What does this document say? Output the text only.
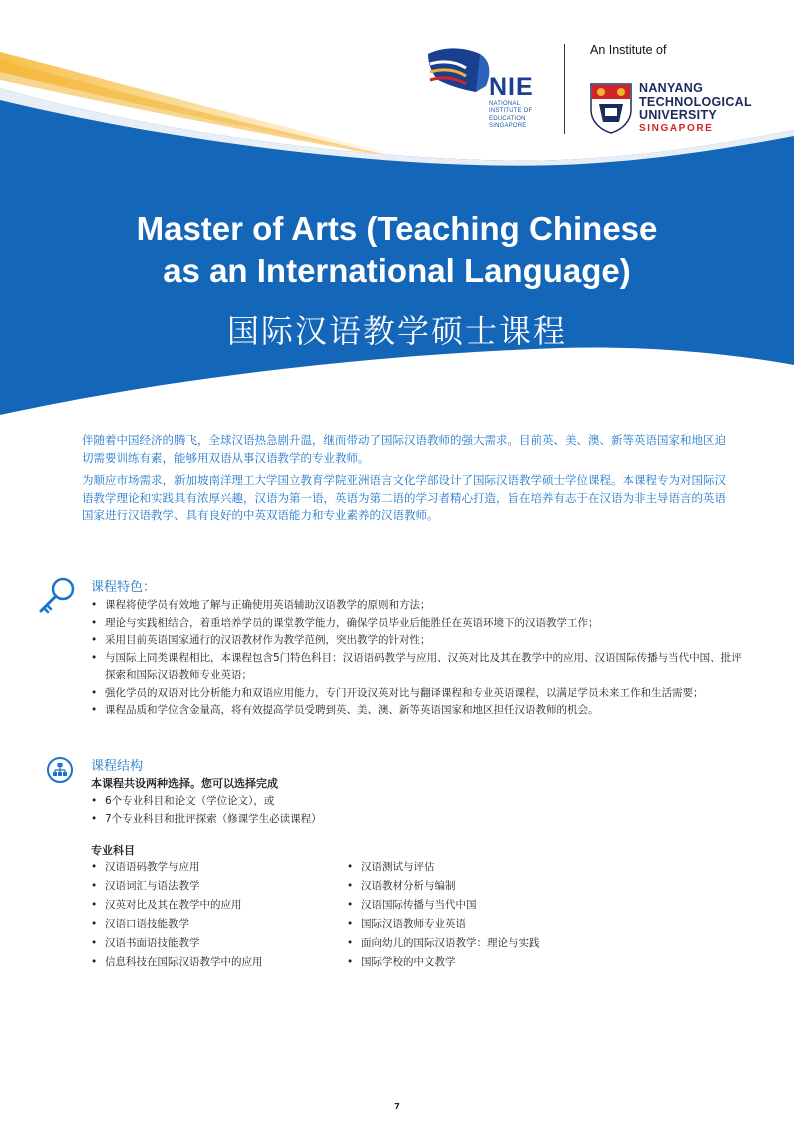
NIE
NATIONAL
INSTITUTE OF
EDUCATION
SINGAPORE
An Institute of
NANYANG
TECHNOLOGICAL
UNIVERSITY
SINGAPORE
Master of Arts (Teaching Chinese
as an International Language)
国际汉语教学硕士课程

伴随着中国经济的腾飞，全球汉语热急剧升温，继而带动了国际汉语教师的强大需求。目前英、美、澳、新等英语国家和地区迫切需要训练有素，能够用双语从事汉语教学的专业教师。

为顺应市场需求，新加坡南洋理工大学国立教育学院亚洲语言文化学部设计了国际汉语教学硕士学位课程。本课程专为对国际汉语教学理论和实践具有浓厚兴趣，汉语为第一语，英语为第二语的学习者精心打造，旨在培养有志于在汉语为非主导语言的英语国家进行汉语教学、具有良好的中英双语能力和专业素养的汉语教师。

课程特色：
• 课程将使学员有效地了解与正确使用英语辅助汉语教学的原则和方法；
• 理论与实践相结合，着重培养学员的课堂教学能力，确保学员毕业后能胜任在英语环境下的汉语教学工作；
• 采用目前英语国家通行的汉语教材作为教学范例，突出教学的针对性；
• 与国际上同类课程相比，本课程包含5门特色科目：汉语语码教学与应用、汉英对比及其在教学中的应用、汉语国际传播与当代中国、批评探索和国际汉语教师专业英语；
• 强化学员的双语对比分析能力和双语应用能力，专门开设汉英对比与翻译课程和专业英语课程，以满足学员未来工作和生活需要；
• 课程品质和学位含金量高，将有效提高学员受聘到英、美、澳、新等英语国家和地区担任汉语教师的机会。
课程结构
本课程共设两种选择。您可以选择完成
• 6个专业科目和论文（学位论文），或
• 7个专业科目和批评探索（修课学生必读课程）
专业科目
• 汉语语码教学与应用
• 汉语词汇与语法教学
• 汉英对比及其在教学中的应用
• 汉语口语技能教学
• 汉语书面语技能教学
• 信息科技在国际汉语教学中的应用
• 汉语测试与评估
• 汉语教材分析与编制
• 汉语国际传播与当代中国
• 国际汉语教师专业英语
• 面向幼儿的国际汉语教学：理论与实践
• 国际学校的中文教学
7
